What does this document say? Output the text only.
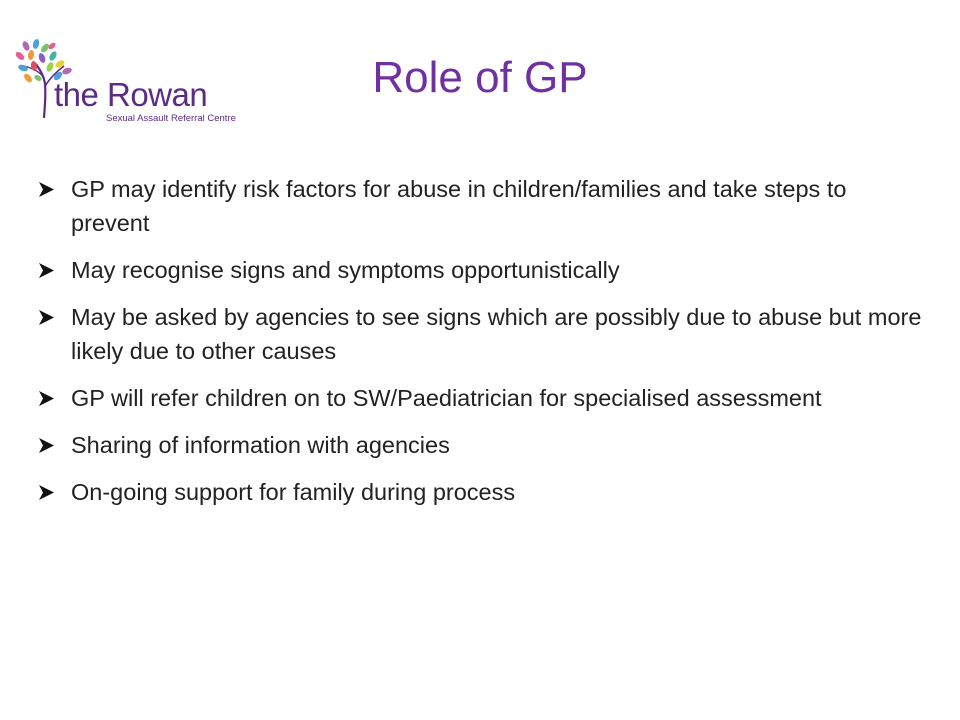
the Rowan
Sexual Assault Referral Centre
Role of GP
GP may identify risk factors for abuse in children/families and take steps to prevent
May recognise signs and symptoms opportunistically
May be asked by agencies to see signs which are possibly due to abuse but more likely due to other causes
GP will refer children on to SW/Paediatrician for specialised assessment
Sharing of information with agencies
On-going support for family during process
